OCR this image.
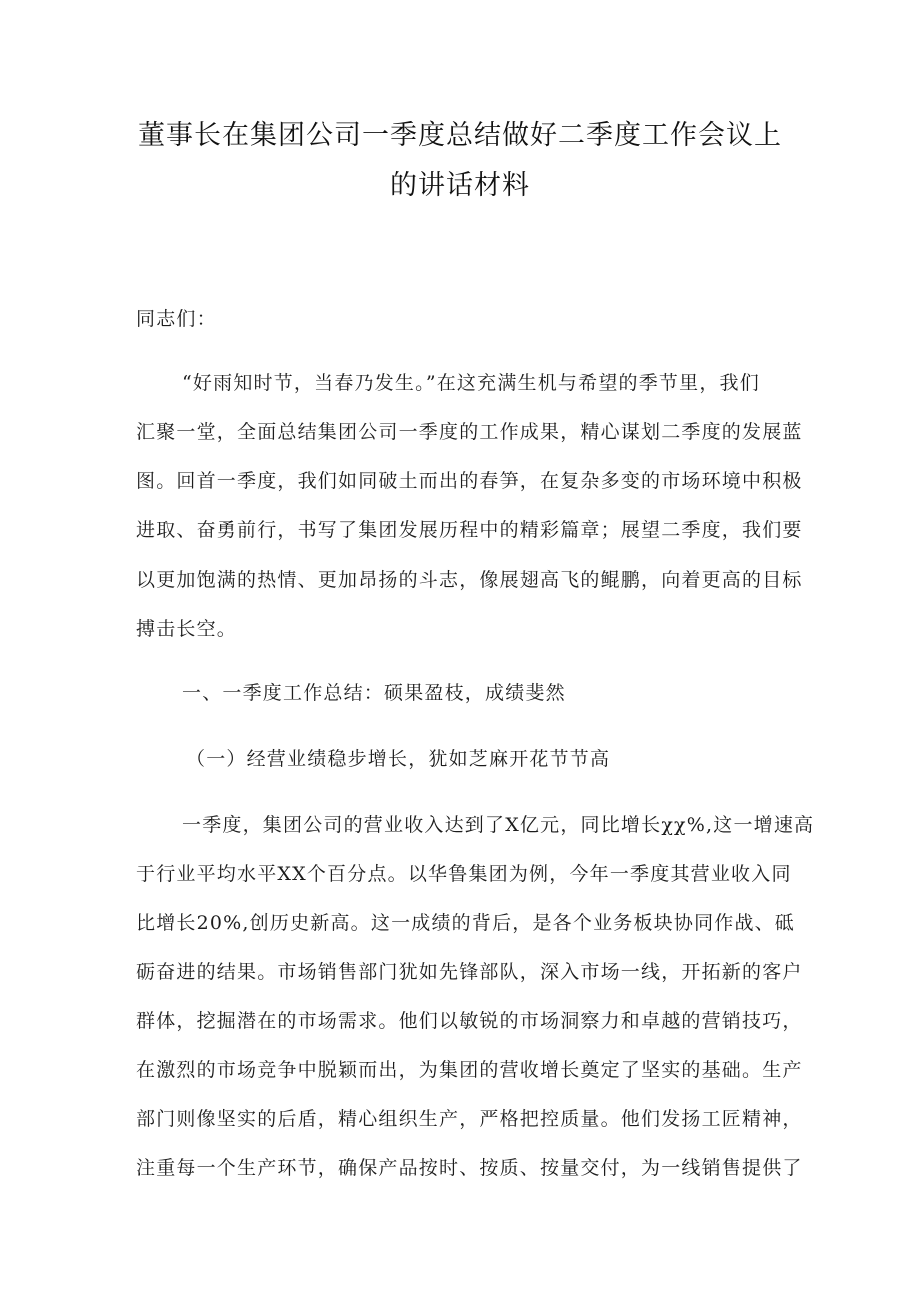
董事长在集团公司一季度总结做好二季度工作会议上
的讲话材料
同志们：
“好雨知时节，当春乃发生。”在这充满生机与希望的季节里，我们
汇聚一堂，全面总结集团公司一季度的工作成果，精心谋划二季度的发展蓝
图。回首一季度，我们如同破土而出的春笋，在复杂多变的市场环境中积极
进取、奋勇前行，书写了集团发展历程中的精彩篇章；展望二季度，我们要
以更加饱满的热情、更加昂扬的斗志，像展翅高飞的鲲鹏，向着更高的目标
搏击长空。
一、一季度工作总结：硕果盈枝，成绩斐然
（一）经营业绩稳步增长，犹如芝麻开花节节高
一季度，集团公司的营业收入达到了X亿元，同比增长χχ%,这一增速高
于行业平均水平XX个百分点。以华鲁集团为例，今年一季度其营业收入同
比增长20%,创历史新高。这一成绩的背后，是各个业务板块协同作战、砥
砺奋进的结果。市场销售部门犹如先锋部队，深入市场一线，开拓新的客户
群体，挖掘潜在的市场需求。他们以敏锐的市场洞察力和卓越的营销技巧，
在激烈的市场竞争中脱颖而出，为集团的营收增长奠定了坚实的基础。生产
部门则像坚实的后盾，精心组织生产，严格把控质量。他们发扬工匠精神，
注重每一个生产环节，确保产品按时、按质、按量交付，为一线销售提供了
